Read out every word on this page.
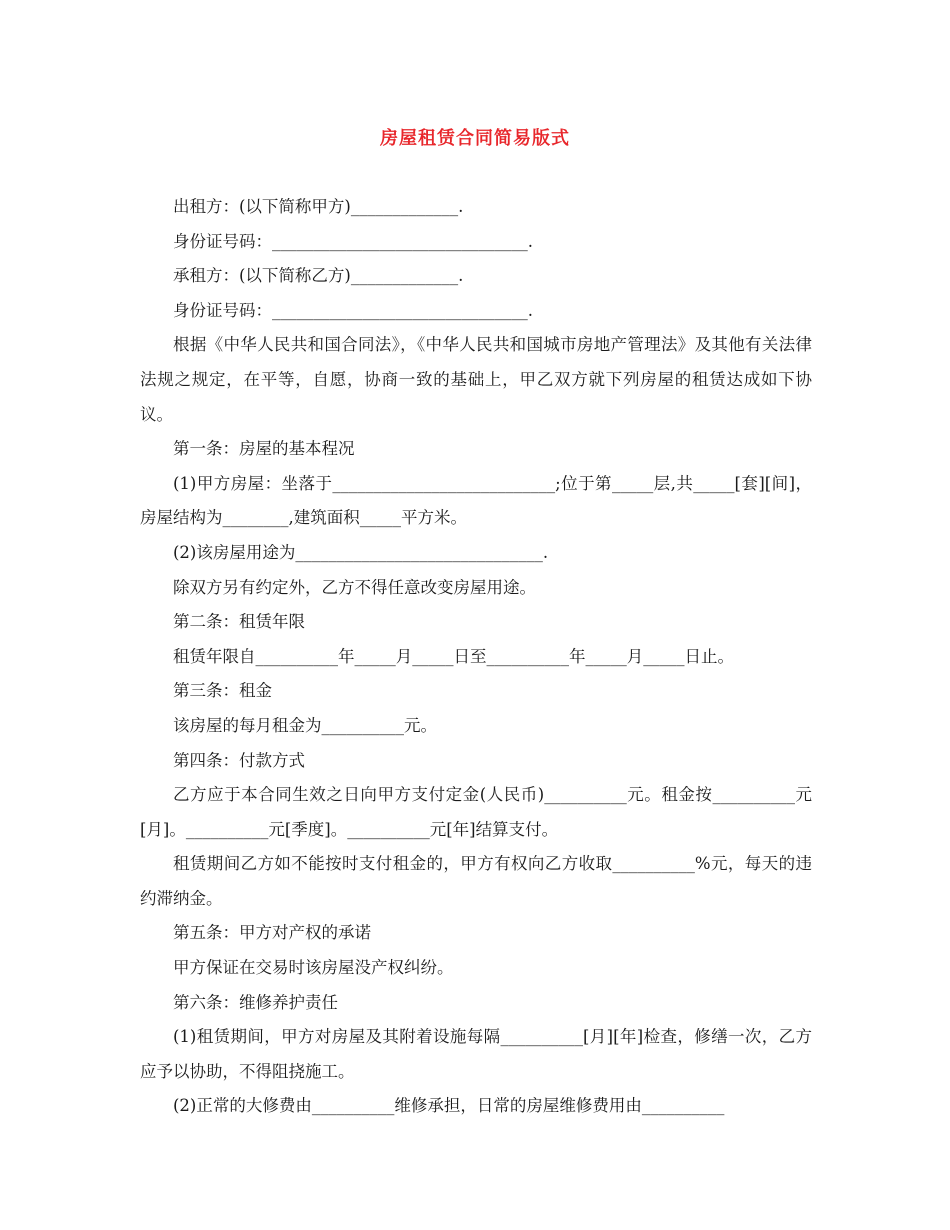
房屋租赁合同简易版式

出租方：(以下简称甲方)_____________.

身份证号码：_______________________________.

承租方：(以下简称乙方)_____________.

身份证号码：_______________________________.

根据《中华人民共和国合同法》，《中华人民共和国城市房地产管理法》及其他有关法律法规之规定，在平等，自愿，协商一致的基础上，甲乙双方就下列房屋的租赁达成如下协议。

第一条：房屋的基本程况

(1)甲方房屋：坐落于___________________________;位于第_____层,共_____[套][间]，房屋结构为________,建筑面积_____平方米。

(2)该房屋用途为______________________________.

除双方另有约定外，乙方不得任意改变房屋用途。

第二条：租赁年限

租赁年限自__________年_____月_____日至__________年_____月_____日止。

第三条：租金

该房屋的每月租金为__________元。

第四条：付款方式

乙方应于本合同生效之日向甲方支付定金(人民币)__________元。租金按__________元[月]。__________元[季度]。__________元[年]结算支付。

租赁期间乙方如不能按时支付租金的，甲方有权向乙方收取__________%元，每天的违约滞纳金。

第五条：甲方对产权的承诺

甲方保证在交易时该房屋没产权纠纷。

第六条：维修养护责任

(1)租赁期间，甲方对房屋及其附着设施每隔__________[月][年]检查，修缮一次，乙方应予以协助，不得阻挠施工。

(2)正常的大修费由__________维修承担，日常的房屋维修费用由__________
